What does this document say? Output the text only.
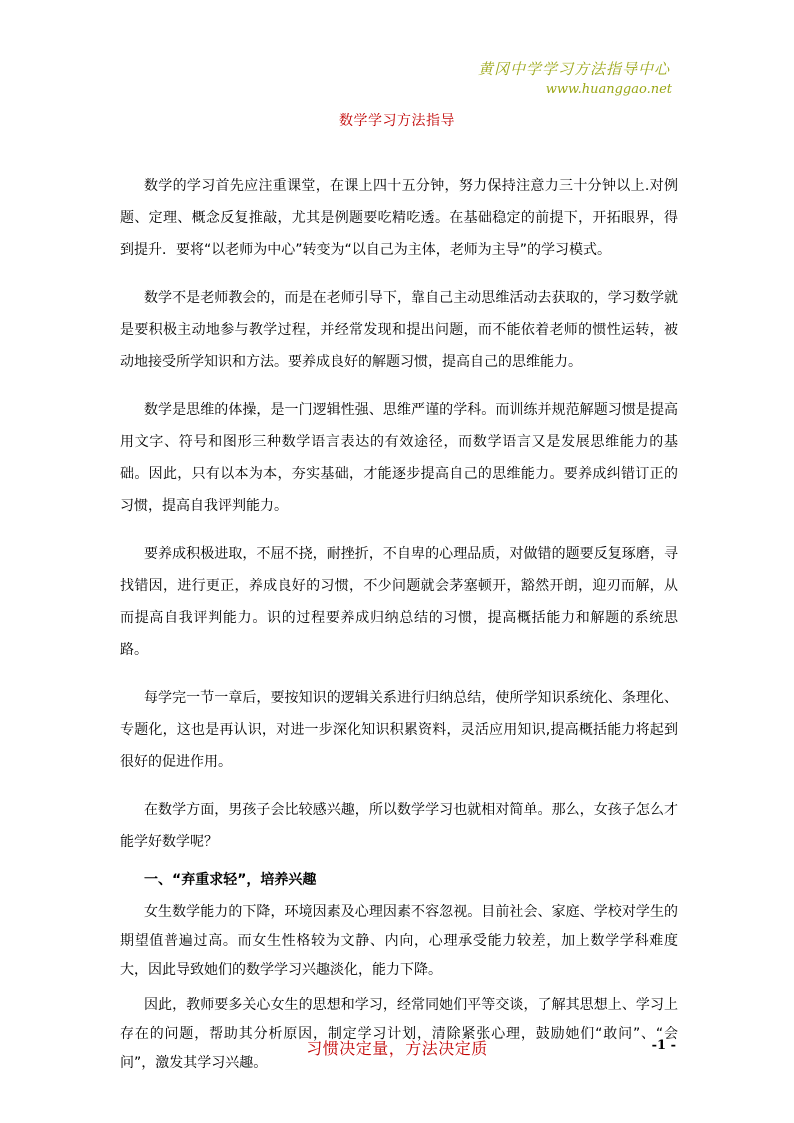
黄冈中学学习方法指导中心
www.huanggao.net
数学学习方法指导

数学的学习首先应注重课堂，在课上四十五分钟，努力保持注意力三十分钟以上.对例题、定理、概念反复推敲，尤其是例题要吃精吃透。在基础稳定的前提下，开拓眼界，得到提升．要将“以老师为中心”转变为“以自己为主体，老师为主导”的学习模式。

数学不是老师教会的，而是在老师引导下，靠自己主动思维活动去获取的，学习数学就是要积极主动地参与教学过程，并经常发现和提出问题，而不能依着老师的惯性运转，被动地接受所学知识和方法。要养成良好的解题习惯，提高自己的思维能力。

数学是思维的体操，是一门逻辑性强、思维严谨的学科。而训练并规范解题习惯是提高用文字、符号和图形三种数学语言表达的有效途径，而数学语言又是发展思维能力的基础。因此，只有以本为本，夯实基础，才能逐步提高自己的思维能力。要养成纠错订正的习惯，提高自我评判能力。

要养成积极进取，不屈不挠，耐挫折，不自卑的心理品质，对做错的题要反复琢磨，寻找错因，进行更正，养成良好的习惯，不少问题就会茅塞顿开，豁然开朗，迎刃而解，从而提高自我评判能力。识的过程要养成归纳总结的习惯，提高概括能力和解题的系统思路。

每学完一节一章后，要按知识的逻辑关系进行归纳总结，使所学知识系统化、条理化、专题化，这也是再认识，对进一步深化知识积累资料，灵活应用知识,提高概括能力将起到很好的促进作用。

在数学方面，男孩子会比较感兴趣，所以数学学习也就相对简单。那么，女孩子怎么才能学好数学呢？

一、“弃重求轻”，培养兴趣

女生数学能力的下降，环境因素及心理因素不容忽视。目前社会、家庭、学校对学生的期望值普遍过高。而女生性格较为文静、内向，心理承受能力较差，加上数学学科难度大，因此导致她们的数学学习兴趣淡化，能力下降。

因此，教师要多关心女生的思想和学习，经常同她们平等交谈，了解其思想上、学习上存在的问题，帮助其分析原因，制定学习计划，清除紧张心理，鼓励她们“敢问”、“会问”，激发其学习兴趣。

习惯决定量，方法决定质	-1 -
